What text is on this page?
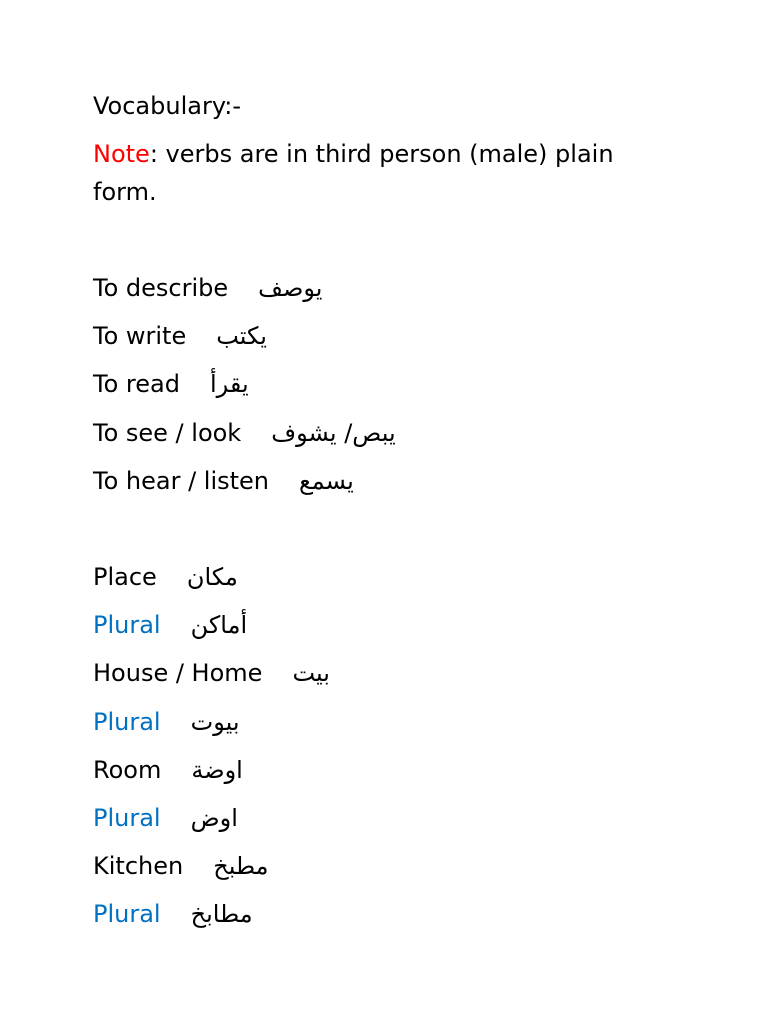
Vocabulary:-
Note: verbs are in third person (male) plain form.
To describe يوصف
To write يكتب
To read يقرأ
To see / look يبص/ يشوف
To hear / listen يسمع
Place مكان
Plural أماكن
House / Home بيت
Plural بيوت
Room اوضة
Plural اوض
Kitchen مطبخ
Plural مطابخ
